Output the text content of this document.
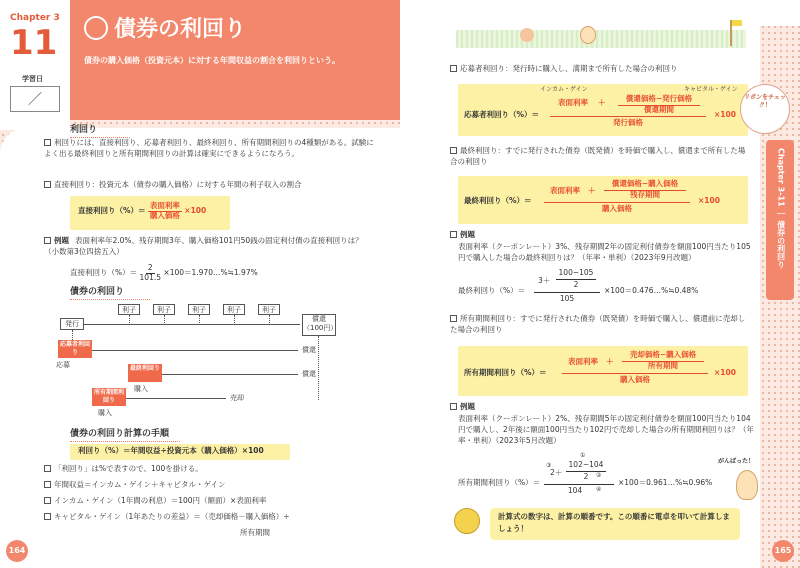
Chapter 3
11
学習日
／
債券の利回り
債券の購入価格（投資元本）に対する年間収益の割合を利回りという。
利回り
利回りには、直接利回り、応募者利回り、最終利回り、所有期間利回りの4種類がある。試験によく出る最終利回りと所有期間利回りの計算は確実にできるようになろう。
直接利回り：投資元本（債券の購入価格）に対する年間の利子収入の割合
直接利回り（%）＝ $\frac{\text{表面利率}}{\text{購入価格}} \times 100$
例題 表面利率年2.0%、残存期間3年、購入価格101円50銭の固定利付債の直接利回りは？（小数第3位四捨五入）
直接利回り（%）＝ $\frac{2}{101.5}$ ×100＝1.970…%≒1.97%
債券の利回り
利子	利子	利子	利子	利子
発行
償還（100円）
応募者利回り
応募
償還
最終利回り
購入
償還
所有期間利回り
購入
売却
債券の利回り計算の手順
利回り（%）＝年間収益÷投資元本（購入価格）×100
「利回り」は%で表すので、100を掛ける。
年間収益＝インカム・ゲイン＋キャピタル・ゲイン
インカム・ゲイン（1年間の利息）＝100円（額面）×表面利率
キャピタル・ゲイン（1年あたりの差益）＝（売却価格－購入価格）÷
所有期間
164
応募者利回り：発行時に購入し、満期まで所有した場合の利回り
インカム・ゲイン	キャピタル・ゲイン
応募者利回り（%）＝
表面利率 ＋	償還価格−発行価格
償還期間
発行価格
×100
最終利回り：すでに発行された債券（既発債）を時価で購入し、償還まで所有した場合の利回り
最終利回り（%）＝
表面利率 ＋
償還価格−購入価格
残存期間
購入価格
×100
例題
表面利率（クーポンレート）3%、残存期間2年の固定利付債券を額面100円当たり105円で購入した場合の最終利回りは？（年率・単利）（2023年9月改題）
最終利回り（%）＝
3＋
100−105
2
105
×100＝0.476…%≒0.48%
所有期間利回り：すでに発行された債券（既発債）を時価で購入し、償還前に売却した場合の利回り
所有期間利回り（%）＝
表面利率 ＋
売却価格−購入価格
所有期間
購入価格
×100
例題
表面利率（クーポンレート）2%、残存期間5年の固定利付債券を額面100円当たり104円で購入し、2年後に額面100円当たり102円で売却した場合の所有期間利回りは？（年率・単利）（2023年5月改題）
所有期間利回り（%）＝
③
2＋
①
102−104
2	②
104	④
×100＝0.961…%≒0.96%
がんばった！
計算式の数字は、計算の順番です。この順番に電卓を叩いて計算しましょう！
リボンをチェック！
Chapter 3-11 ｜ 債券の利回り
165
